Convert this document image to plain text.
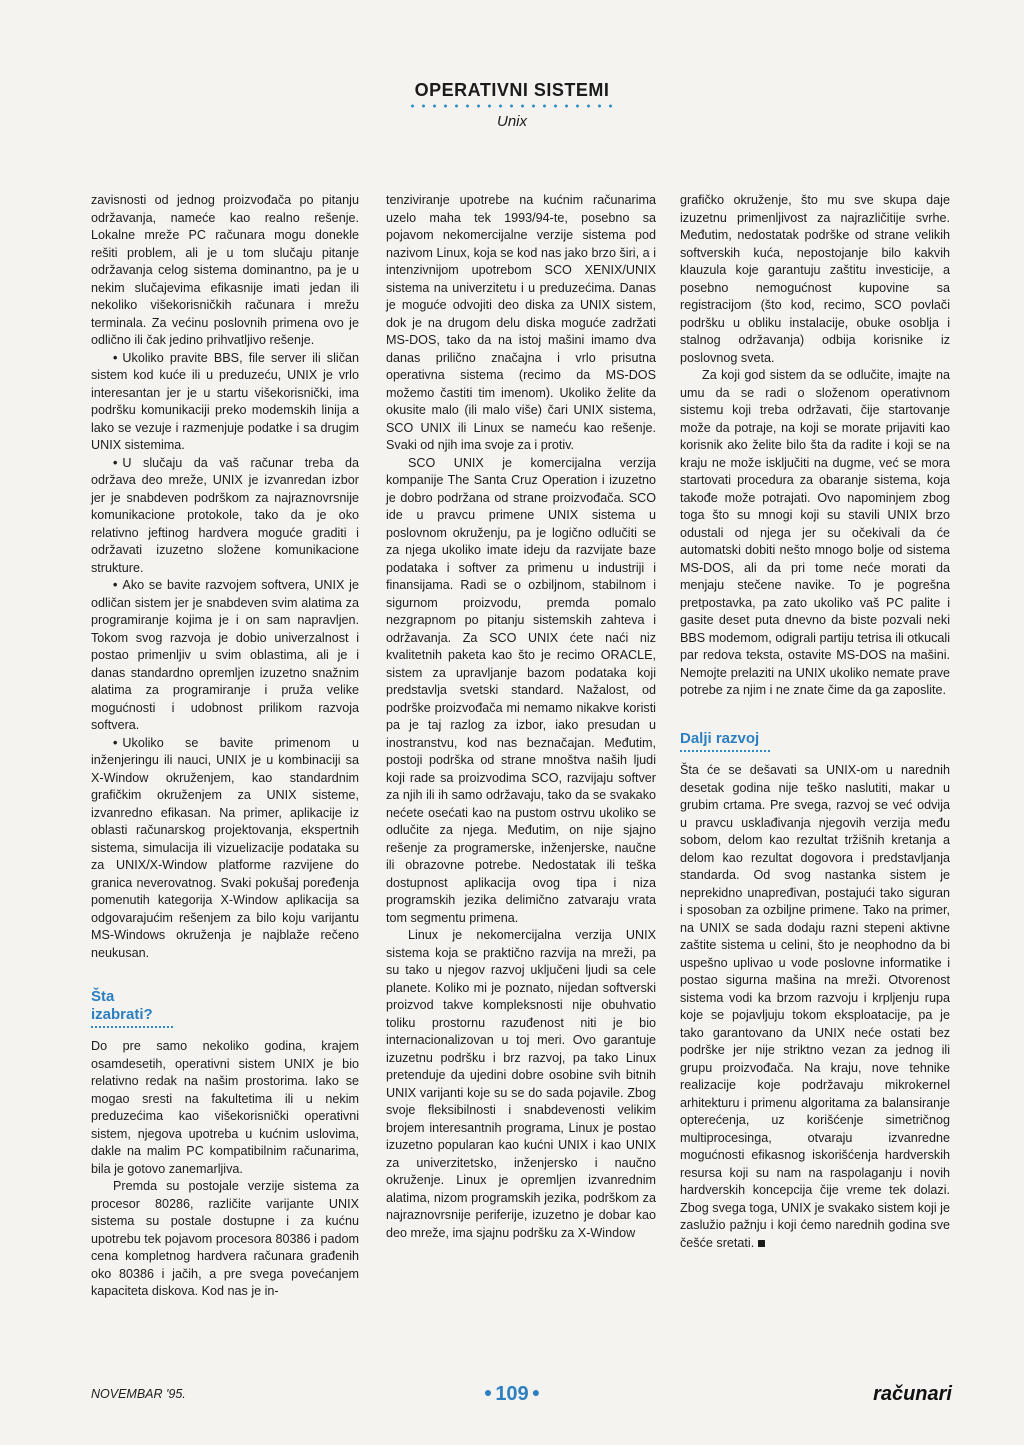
OPERATIVNI SISTEMI
Unix

zavisnosti od jednog proizvođača po pitanju održavanja, nameće kao realno rešenje. Lokalne mreže PC računara mogu donekle rešiti problem, ali je u tom slučaju pitanje održavanja celog sistema dominantno, pa je u nekim slučajevima efikasnije imati jedan ili nekoliko višekorisničkih računara i mrežu terminala. Za većinu poslovnih primena ovo je odlično ili čak jedino prihvatljivo rešenje.

• Ukoliko pravite BBS, file server ili sličan sistem kod kuće ili u preduzeću, UNIX je vrlo interesantan jer je u startu višekorisnički, ima podršku komunikaciji preko modemskih linija a lako se vezuje i razmenjuje podatke i sa drugim UNIX sistemima.

• U slučaju da vaš računar treba da održava deo mreže, UNIX je izvanredan izbor jer je snabdeven podrškom za najraznovrsnije komunikacione protokole, tako da je oko relativno jeftinog hardvera moguće graditi i održavati izuzetno složene komunikacione strukture.

• Ako se bavite razvojem softvera, UNIX je odličan sistem jer je snabdeven svim alatima za programiranje kojima je i on sam napravljen. Tokom svog razvoja je dobio univerzalnost i postao primenljiv u svim oblastima, ali je i danas standardno opremljen izuzetno snažnim alatima za programiranje i pruža velike mogućnosti i udobnost prilikom razvoja softvera.

• Ukoliko se bavite primenom u inženjeringu ili nauci, UNIX je u kombinaciji sa X-Window okruženjem, kao standardnim grafičkim okruženjem za UNIX sisteme, izvanredno efikasan. Na primer, aplikacije iz oblasti računarskog projektovanja, ekspertnih sistema, simulacija ili vizuelizacije podataka su za UNIX/X-Window platforme razvijene do granica neverovatnog. Svaki pokušaj poređenja pomenutih kategorija X-Window aplikacija sa odgovarajućim rešenjem za bilo koju varijantu MS-Windows okruženja je najblaže rečeno neukusan.

Šta izabrati?

Do pre samo nekoliko godina, krajem osamdesetih, operativni sistem UNIX je bio relativno redak na našim prostorima. Iako se mogao sresti na fakultetima ili u nekim preduzećima kao višekorisnički operativni sistem, njegova upotreba u kućnim uslovima, dakle na malim PC kompatibilnim računarima, bila je gotovo zanemarljiva.

Premda su postojale verzije sistema za procesor 80286, različite varijante UNIX sistema su postale dostupne i za kućnu upotrebu tek pojavom procesora 80386 i padom cena kompletnog hardvera računara građenih oko 80386 i jačih, a pre svega povećanjem kapaciteta diskova. Kod nas je in-

tenziviranje upotrebe na kućnim računarima uzelo maha tek 1993/94-te, posebno sa pojavom nekomercijalne verzije sistema pod nazivom Linux, koja se kod nas jako brzo širi, a i intenzivnijom upotrebom SCO XENIX/UNIX sistema na univerzitetu i u preduzećima. Danas je moguće odvojiti deo diska za UNIX sistem, dok je na drugom delu diska moguće zadržati MS-DOS, tako da na istoj mašini imamo dva danas prilično značajna i vrlo prisutna operativna sistema (recimo da MS-DOS možemo častiti tim imenom). Ukoliko želite da okusite malo (ili malo više) čari UNIX sistema, SCO UNIX ili Linux se nameću kao rešenje. Svaki od njih ima svoje za i protiv.

SCO UNIX je komercijalna verzija kompanije The Santa Cruz Operation i izuzetno je dobro podržana od strane proizvođača. SCO ide u pravcu primene UNIX sistema u poslovnom okruženju, pa je logično odlučiti se za njega ukoliko imate ideju da razvijate baze podataka i softver za primenu u industriji i finansijama. Radi se o ozbiljnom, stabilnom i sigurnom proizvodu, premda pomalo nezgrapnom po pitanju sistemskih zahteva i održavanja. Za SCO UNIX ćete naći niz kvalitetnih paketa kao što je recimo ORACLE, sistem za upravljanje bazom podataka koji predstavlja svetski standard. Nažalost, od podrške proizvođača mi nemamo nikakve koristi pa je taj razlog za izbor, iako presudan u inostranstvu, kod nas beznačajan. Međutim, postoji podrška od strane mnoštva naših ljudi koji rade sa proizvodima SCO, razvijaju softver za njih ili ih samo održavaju, tako da se svakako nećete osećati kao na pustom ostrvu ukoliko se odlučite za njega. Međutim, on nije sjajno rešenje za programerske, inženjerske, naučne ili obrazovne potrebe. Nedostatak ili teška dostupnost aplikacija ovog tipa i niza programskih jezika delimično zatvaraju vrata tom segmentu primena.

Linux je nekomercijalna verzija UNIX sistema koja se praktično razvija na mreži, pa su tako u njegov razvoj uključeni ljudi sa cele planete. Koliko mi je poznato, nijedan softverski proizvod takve kompleksnosti nije obuhvatio toliku prostornu razuđenost niti je bio internacionalizovan u toj meri. Ovo garantuje izuzetnu podršku i brz razvoj, pa tako Linux pretenduje da ujedini dobre osobine svih bitnih UNIX varijanti koje su se do sada pojavile. Zbog svoje fleksibilnosti i snabdevenosti velikim brojem interesantnih programa, Linux je postao izuzetno popularan kao kućni UNIX i kao UNIX za univerzitetsko, inženjersko i naučno okruženje. Linux je opremljen izvanrednim alatima, nizom programskih jezika, podrškom za najraznovrsnije periferije, izuzetno je dobar kao deo mreže, ima sjajnu podršku za X-Window

grafičko okruženje, što mu sve skupa daje izuzetnu primenljivost za najrazličitije svrhe. Međutim, nedostatak podrške od strane velikih softverskih kuća, nepostojanje bilo kakvih klauzula koje garantuju zaštitu investicije, a posebno nemogućnost kupovine sa registracijom (što kod, recimo, SCO povlači podršku u obliku instalacije, obuke osoblja i stalnog održavanja) odbija korisnike iz poslovnog sveta.

Za koji god sistem da se odlučite, imajte na umu da se radi o složenom operativnom sistemu koji treba održavati, čije startovanje može da potraje, na koji se morate prijaviti kao korisnik ako želite bilo šta da radite i koji se na kraju ne može isključiti na dugme, već se mora startovati procedura za obaranje sistema, koja takođe može potrajati. Ovo napominjem zbog toga što su mnogi koji su stavili UNIX brzo odustali od njega jer su očekivali da će automatski dobiti nešto mnogo bolje od sistema MS-DOS, ali da pri tome neće morati da menjaju stečene navike. To je pogrešna pretpostavka, pa zato ukoliko vaš PC palite i gasite deset puta dnevno da biste pozvali neki BBS modemom, odigrali partiju tetrisa ili otkucali par redova teksta, ostavite MS-DOS na mašini. Nemojte prelaziti na UNIX ukoliko nemate prave potrebe za njim i ne znate čime da ga zaposlite.

Dalji razvoj

Šta će se dešavati sa UNIX-om u narednih desetak godina nije teško naslutiti, makar u grubim crtama. Pre svega, razvoj se već odvija u pravcu usklađivanja njegovih verzija među sobom, delom kao rezultat tržišnih kretanja a delom kao rezultat dogovora i predstavljanja standarda. Od svog nastanka sistem je neprekidno unapređivan, postajući tako siguran i sposoban za ozbiljne primene. Tako na primer, na UNIX se sada dodaju razni stepeni aktivne zaštite sistema u celini, što je neophodno da bi uspešno uplivao u vode poslovne informatike i postao sigurna mašina na mreži. Otvorenost sistema vodi ka brzom razvoju i krpljenju rupa koje se pojavljuju tokom eksploatacije, pa je tako garantovano da UNIX neće ostati bez podrške jer nije striktno vezan za jednog ili grupu proizvođača. Na kraju, nove tehnike realizacije koje podržavaju mikrokernel arhitekturu i primenu algoritama za balansiranje opterećenja, uz korišćenje simetričnog multiprocesinga, otvaraju izvanredne mogućnosti efikasnog iskorišćenja hardverskih resursa koji su nam na raspolaganju i novih hardverskih koncepcija čije vreme tek dolazi. Zbog svega toga, UNIX je svakako sistem koji je zaslužio pažnju i koji ćemo narednih godina sve češće sretati.

NOVEMBAR '95.	● 109 ●	računari
